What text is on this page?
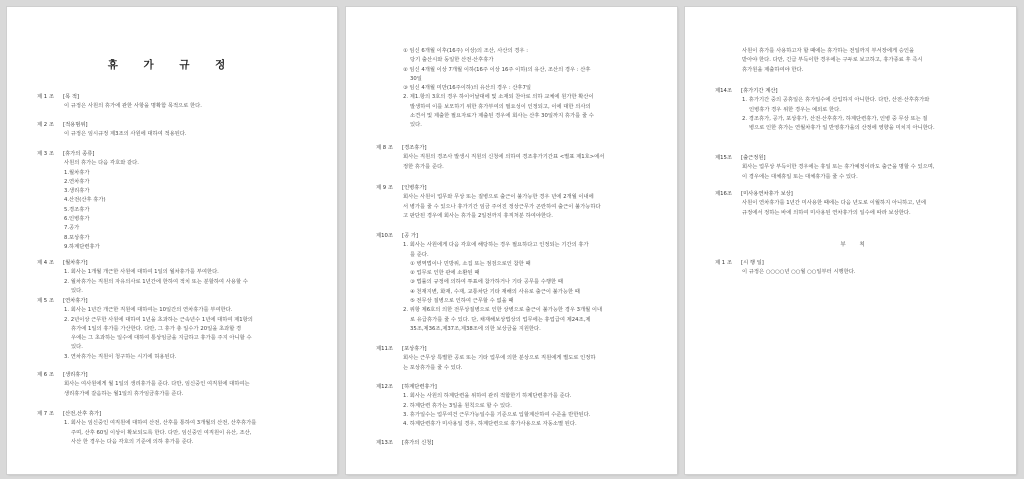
휴 가 규 정
제 1 조	[목 적]
이 규정은 사원의 휴가에 관한 사항을 명확함 목적으로 한다.
제 2 조	[적용범위]
이 규정은 임시규정 제3조의 사원에 대하여 적용된다.
제 3 조	[휴가의 종류]
사원의 휴가는 다음 각호와 같다.
1.월차휴가
2.연차휴가
3.생리휴가
4.산전(산후 휴가)
5.경조휴가
6.인병휴가
7.공가
8.포상휴가
9.하계단련휴가
제 4 조	[월차휴가]
1. 회사는 1개월 개근한 사원에 대하여 1일의 월차휴가를 부여한다.
2. 월차휴가는 직원의 자유의사로 1년간에 한하여 적치 또는 분할하여 사용할 수
있다.
제 5 조	[연차휴가]
1. 회사는 1년간 개근한 직원에 대하여는 10일간의 연차휴가를 부여한다.
2. 2년이상 근무한 사원에 대하여 1년을 초과하는 근속년수 1년에 대하여 제1항의
휴가에 1일의 휴가를 가산한다. 다만, 그 휴가 총 일수가 20일을 초과할 경
우에는 그 초과하는 일수에 대하여 통상임금을 지급하고 휴가를 주지 아니할 수
있다.
3. 연차휴가는 직원이 청구하는 시기에 허용된다.
제 6 조	[생리휴가]
회사는 여사원에게 월 1일의 생리휴가를 준다. 다만, 임신중인 여직원에 대하여는
생리휴가에 갈음하는 월1일의 휴가임금휴가를 준다.
제 7 조	[산전,산후 휴가]
1. 회사는 임신중인 여직원에 대하여 산전, 산후를 통하여 3개월의 산전, 산후휴가를
주며, 산후 60일 이상이 확보되도록 한다. 다만, 임신중인 여직원이 유산, 조산,
사산 한 경우는 다음 각호의 기준에 의하 휴가를 준다.
① 임신 6개월 이후(16주) 이상)의 조산, 사산의 경우 :
당기 출산시와 동일한 산전·산후휴가
② 임신 4개월 이상 7개월 이하(16주 이상 16주 이하)의 유산, 조산의 경우 : 산후
30일
③ 임신 4개월 미만(16주이하)의 유산의 경우 : 산후7일
2. 제1.항의 3호의 경우 하이어날대에 및 소재되 찬아로 의하 교체에 원가한 확산이
발생하여 이를 보모하기 위한 휴가부여의 필요성이 인정되고, 이에 대한 의사의
소견서 및 제출한 필요자료가 제출된 경우에 회사는 산후 30일까지 휴가를 줄 수
있다.
제 8 조	[경조휴가]
회사는 직원의 경조사 발생시 직원의 신청에 의하여 경조휴가기간표 <별표 제1호>에서
정한 휴가를 준다.
제 9 조	[인병휴가]
회사는 사원이 업무와 무상 또는 질병으로 출근이 불가능한 경우 년에 2개월 이내에
서 병가를 줄 수 있으나 휴가기간 임금 주어진 정상근무가 곤란하여 출근이 불가능하다
고 판단된 경우에 회사는 휴가를 2일전까지 휴직처분 하여야한다.
제10조	[공 가]
1. 회사는 사원에게 다음 각호에 해당하는 경우 필요하다고 인정되는 기간의 휴가
를 준다.
① 병역법이나 민방위, 소집 또는 점검으로인 참한 때
② 업무로 인한 관에 소환된 때
③ 법률의 규정에 의하여 투표에 참가하거나 기타 공무를 수행한 때
④ 천재지변, 화재, 수재, 교통차단 기타 재해의 사유로 출근이 불가능한 때
⑤ 전무상 질병으로 인하여 근무할 수 없을 때
2. 위항 제6호의 의한 전무상질병으로 인한 상병으로 출근이 불가능한 경우 3개월 이내
로 유급휴가를 줄 수 있다. 단, 채재해보상법상의 업무에는 휴업급여 제24조,제
35조,제36조,제37조,제38조에 의한 보상금을 지원한다.
제11조	[포상휴가]
회사는 근무상 특별한 공로 또는 기타 업무에 의한 분상으로 직원에게 별도로 인정하
는 포상휴가를 줄 수 있다.
제12조	[하계단련휴가]
1. 회사는 사원의 하계단련을 위하여 관리 적합한기 하계단련휴가를 준다.
2. 하계단련 휴가는 3일을 원칙으로 할 수 있다.
3. 휴가일수는 업무여건 근무가능일수를 기준으로 입할계산하여 수준을 반한된다.
4. 하계단련휴가 미사용일 경우, 하계단련으로 휴가사용으로 자동소멸 된다.
제13조	[휴가의 신청]
사원이 휴가를 사용하고자 할 때에는 휴가하는 전일까지 부서장에게 승인을
받아야 한다. 다만, 긴급 부득이한 경우에는 구두로 보고하고, 휴가종료 후 즉시
휴가원을 제출하여야 한다.
제14조	[휴가기간 계산]
1. 휴가기간 중의 공휴일은 휴가일수에 산입하지 아니한다. 다만, 산전·산후휴가와
인병휴가 경우 위한 경우는 예외로 한다.
2. 경조휴가, 공가, 포상휴가, 산전·산후휴가, 하계단련휴가, 인병 중 무상 또는 질
병으로 인한 휴가는 연월차휴가 일 반영휴가을의 산정에 영향을 미치지 아니한다.
제15조	[출근정원]
회사는 업무상 부득이한 경우에는 휴일 또는 휴가예정이라도 출근을 명할 수 있으며,
이 경우에는 대체휴일 또는 대체휴가를 줄 수 있다.
제16조	[미사용연차휴가 보상]
사원이 연차휴가를 1년간 미사용한 때에는 다음 년도로 이월하지 아니하고, 년에
규정에서 정하는 바에 의하여 미사용된 연차휴가의 일수에 따라 보상한다.
부 칙
제 1 조	[시 행 일]
이 규정은 ○○○○년 ○○월 ○○일부터 시행한다.
